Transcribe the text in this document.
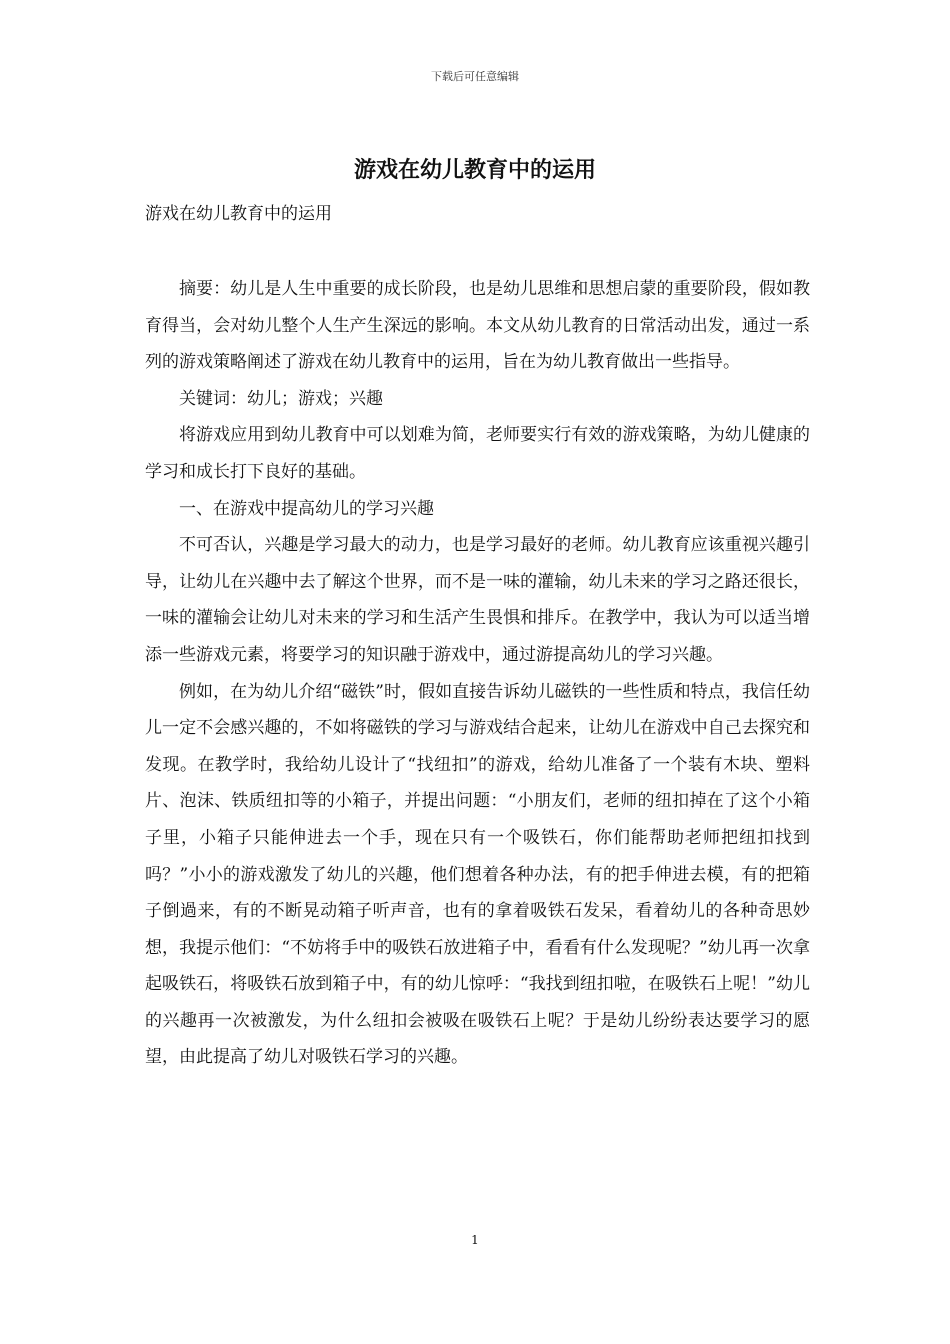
下载后可任意编辑
游戏在幼儿教育中的运用

游戏在幼儿教育中的运用

摘要：幼儿是人生中重要的成长阶段，也是幼儿思维和思想启蒙的重要阶段，假如教育得当，会对幼儿整个人生产生深远的影响。本文从幼儿教育的日常活动出发，通过一系列的游戏策略阐述了游戏在幼儿教育中的运用，旨在为幼儿教育做出一些指导。

关键词：幼儿；游戏；兴趣

将游戏应用到幼儿教育中可以划难为简，老师要实行有效的游戏策略，为幼儿健康的学习和成长打下良好的基础。

一、在游戏中提高幼儿的学习兴趣

不可否认，兴趣是学习最大的动力，也是学习最好的老师。幼儿教育应该重视兴趣引导，让幼儿在兴趣中去了解这个世界，而不是一味的灌输，幼儿未来的学习之路还很长，一味的灌输会让幼儿对未来的学习和生活产生畏惧和排斥。在教学中，我认为可以适当增添一些游戏元素，将要学习的知识融于游戏中，通过游提高幼儿的学习兴趣。

例如，在为幼儿介绍“磁铁”时，假如直接告诉幼儿磁铁的一些性质和特点，我信任幼儿一定不会感兴趣的，不如将磁铁的学习与游戏结合起来，让幼儿在游戏中自己去探究和发现。在教学时，我给幼儿设计了“找纽扣”的游戏，给幼儿准备了一个装有木块、塑料片、泡沫、铁质纽扣等的小箱子，并提出问题：“小朋友们，老师的纽扣掉在了这个小箱子里，小箱子只能伸进去一个手，现在只有一个吸铁石，你们能帮助老师把纽扣找到吗？”小小的游戏激发了幼儿的兴趣，他们想着各种办法，有的把手伸进去模，有的把箱子倒過来，有的不断晃动箱子听声音，也有的拿着吸铁石发呆，看着幼儿的各种奇思妙想，我提示他们：“不妨将手中的吸铁石放进箱子中，看看有什么发现呢？”幼儿再一次拿起吸铁石，将吸铁石放到箱子中，有的幼儿惊呼：“我找到纽扣啦，在吸铁石上呢！”幼儿的兴趣再一次被激发，为什么纽扣会被吸在吸铁石上呢？于是幼儿纷纷表达要学习的愿望，由此提高了幼儿对吸铁石学习的兴趣。

1
